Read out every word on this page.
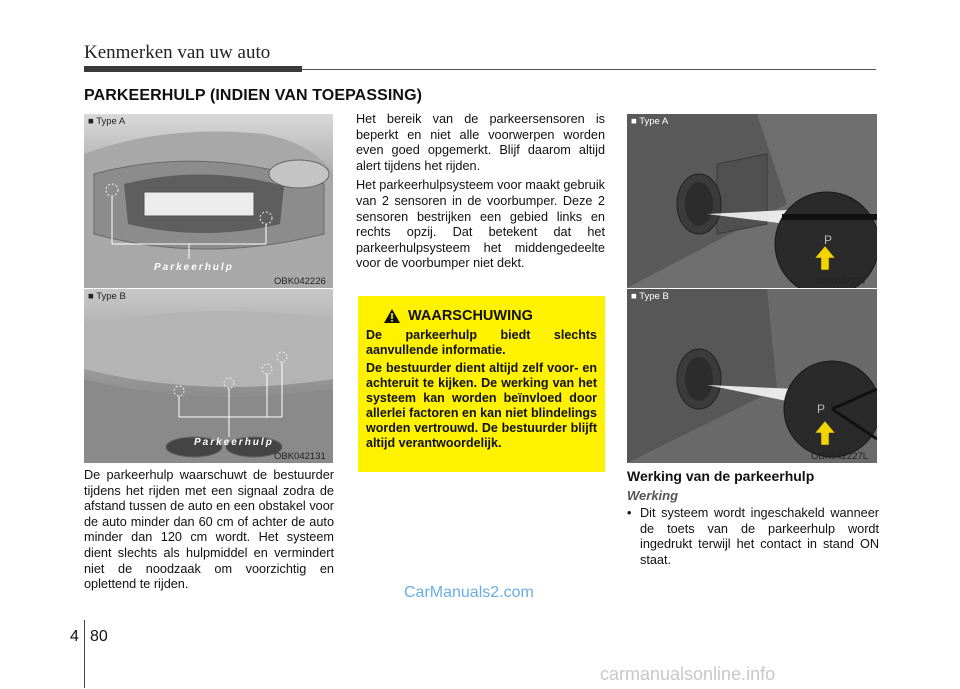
Kenmerken van uw auto
PARKEERHULP (INDIEN VAN TOEPASSING)
■ Type A
Parkeerhulp
OBK042226
■ Type B
Parkeerhulp
OBK042131

De parkeerhulp waarschuwt de bestuurder tijdens het rijden met een signaal zodra de afstand tussen de auto en een obstakel voor de auto minder dan 60 cm of achter de auto minder dan 120 cm wordt. Het systeem dient slechts als hulpmiddel en vermindert niet de noodzaak om voorzichtig en oplettend te rijden.

Het bereik van de parkeersensoren is beperkt en niet alle voorwerpen worden even goed opgemerkt. Blijf daarom altijd alert tijdens het rijden.

Het parkeerhulpsysteem voor maakt gebruik van 2 sensoren in de voorbumper. Deze 2 sensoren bestrijken een gebied links en rechts opzij. Dat betekent dat het parkeerhulpsysteem het middengedeelte voor de voorbumper niet dekt.

WAARSCHUWING

De parkeerhulp biedt slechts aanvullende informatie.

De bestuurder dient altijd zelf voor- en achteruit te kijken. De werking van het systeem kan worden beïnvloed door allerlei factoren en kan niet blindelings worden vertrouwd. De bestuurder blijft altijd verantwoordelijk.

P
■ Type A
OBK042227
P
■ Type B
OBK042227L
Werking van de parkeerhulp
Werking
• Dit systeem wordt ingeschakeld wanneer de toets van de parkeerhulp wordt ingedrukt terwijl het contact in stand ON staat.
CarManuals2.com
4 80
carmanualsonline.info
